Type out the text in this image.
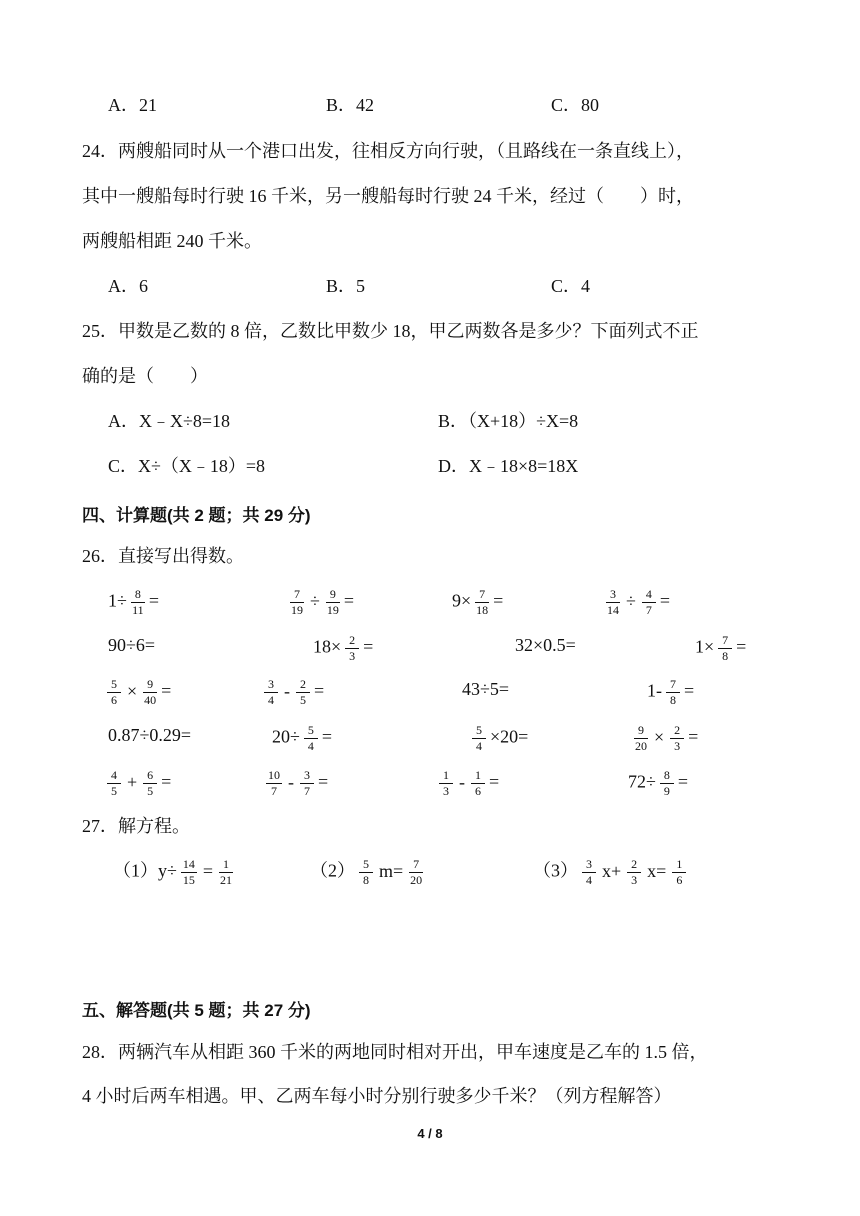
A．21	B．42	C．80
24．两艘船同时从一个港口出发，往相反方向行驶，（且路线在一条直线上），
其中一艘船每时行驶 16 千米，另一艘船每时行驶 24 千米，经过（　　）时，
两艘船相距 240 千米。
A．6	B．5	C．4
25．甲数是乙数的 8 倍，乙数比甲数少 18，甲乙两数各是多少？下面列式不正
确的是（　　）
A．X﹣X÷8=18	B．（X+18）÷X=8
C．X÷（X﹣18）=8	D．X﹣18×8=18X
四、计算题(共 2 题；共 29 分)
26．直接写出得数。
$1\div \frac{8}{11}$ =	$\frac{7}{19} \div \frac{9}{19}$ =	$9\times \frac{7}{18}$ =	$\frac{3}{14} \div \frac{4}{7}$ =
90÷6=	$18\times \frac{2}{3}$ =	32×0.5=	$1\times \frac{7}{8}$ =
$\frac{5}{6} \times \frac{9}{40}$ =	$\frac{3}{4} - \frac{2}{5}$ =	43÷5=	$1- \frac{7}{8}$ =
0.87÷0.29=	$20\div \frac{5}{4}$ =	$\frac{5}{4} \times 20=$	$\frac{9}{20} \times \frac{2}{3}$ =
$\frac{4}{5} + \frac{6}{5}$ =	$\frac{10}{7} - \frac{3}{7}$ =	$\frac{1}{3} - \frac{1}{6}$ =	$72\div \frac{8}{9}$ =
27．解方程。
$(1)y\div \frac{14}{15} = \frac{1}{21}$	$(2) \frac{5}{8} m= \frac{7}{20}$	$(3) \frac{3}{4} x+ \frac{2}{3} x= \frac{1}{6}$
五、解答题(共 5 题；共 27 分)
28．两辆汽车从相距 360 千米的两地同时相对开出，甲车速度是乙车的 1.5 倍，
4 小时后两车相遇。甲、乙两车每小时分别行驶多少千米？（列方程解答）
4 / 8
